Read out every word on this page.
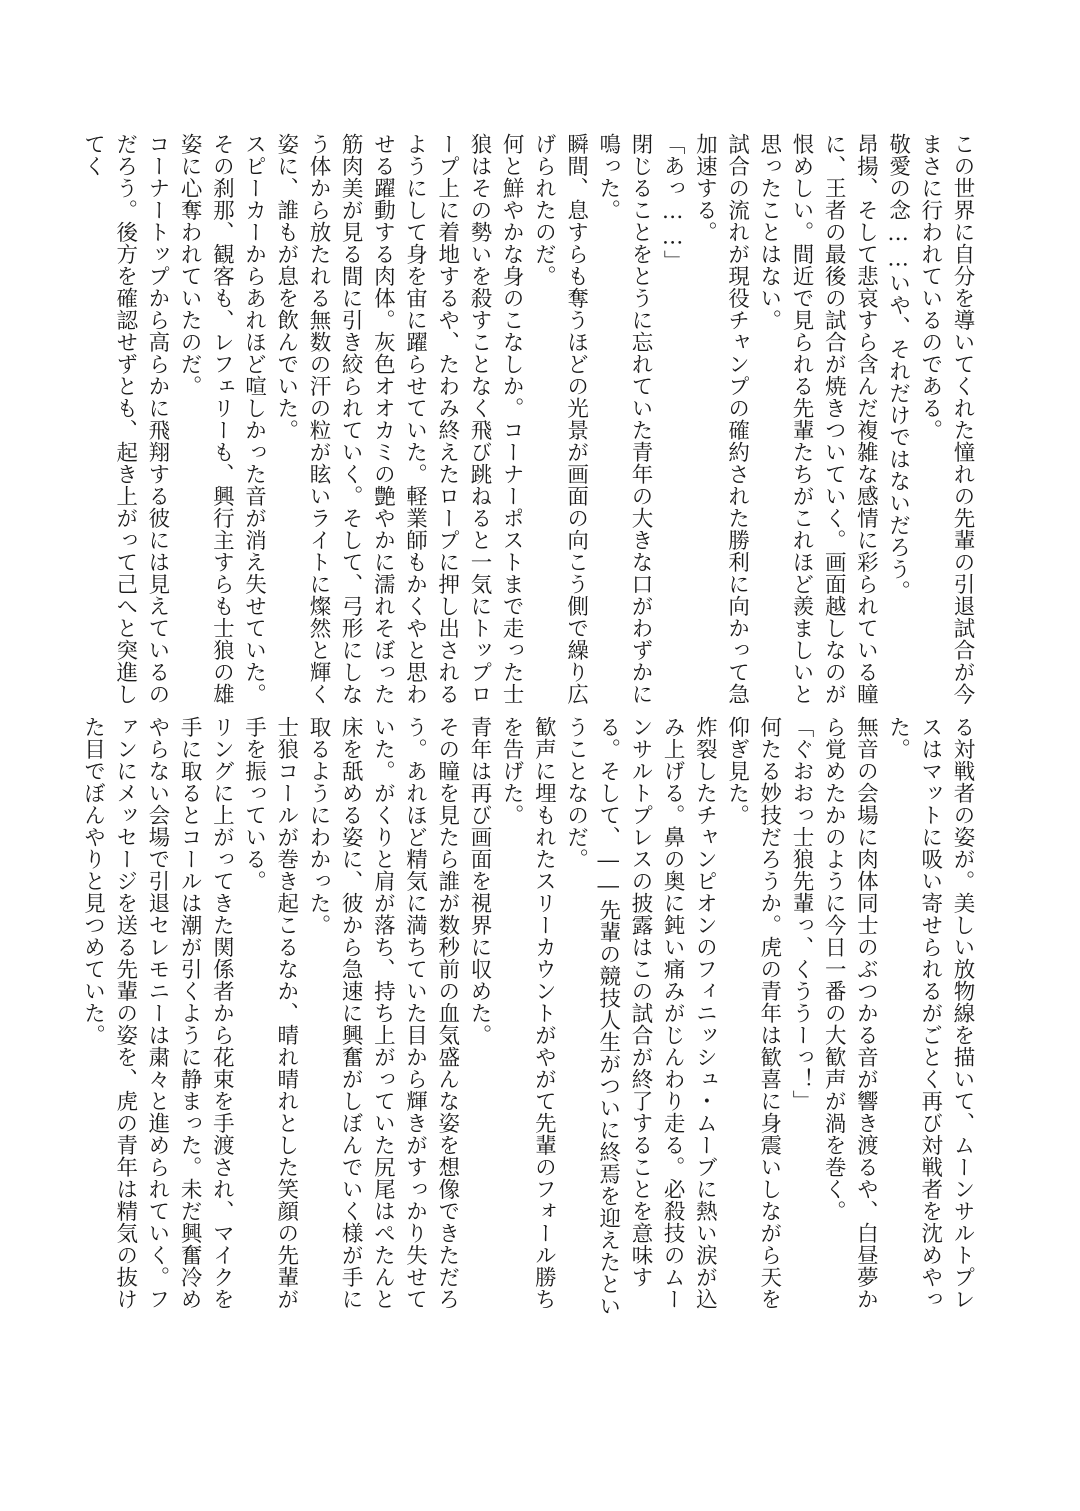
この世界に自分を導いてくれた憧れの先輩の引退試合が今まさに行われているのである。

敬愛の念……いや、それだけではないだろう。

昂揚、そして悲哀すら含んだ複雑な感情に彩られている瞳に、王者の最後の試合が焼きついていく。画面越しなのが恨めしい。間近で見られる先輩たちがこれほど羨ましいと思ったことはない。

試合の流れが現役チャンプの確約された勝利に向かって急加速する。

「あっ……」

閉じることをとうに忘れていた青年の大きな口がわずかに鳴った。

瞬間、息すらも奪うほどの光景が画面の向こう側で繰り広げられたのだ。

何と鮮やかな身のこなしか。コーナーポストまで走った士狼はその勢いを殺すことなく飛び跳ねると一気にトップロープ上に着地するや、たわみ終えたロープに押し出されるようにして身を宙に躍らせていた。軽業師もかくやと思わせる躍動する肉体。灰色オオカミの艶やかに濡れそぼった筋肉美が見る間に引き絞られていく。そして、弓形にしなう体から放たれる無数の汗の粒が眩いライトに燦然と輝く姿に、誰もが息を飲んでいた。

スピーカーからあれほど喧しかった音が消え失せていた。

その刹那、観客も、レフェリーも、興行主すらも士狼の雄姿に心奪われていたのだ。

コーナートップから高らかに飛翔する彼には見えているのだろう。後方を確認せずとも、起き上がって己へと突進してく

る対戦者の姿が。美しい放物線を描いて、ムーンサルトプレスはマットに吸い寄せられるがごとく再び対戦者を沈めやった。

無音の会場に肉体同士のぶつかる音が響き渡るや、白昼夢から覚めたかのように今日一番の大歓声が渦を巻く。

「ぐおおっ士狼先輩っ、くううーっ！」

何たる妙技だろうか。虎の青年は歓喜に身震いしながら天を仰ぎ見た。

炸裂したチャンピオンのフィニッシュ・ムーブに熱い涙が込み上げる。鼻の奥に鈍い痛みがじんわり走る。必殺技のムーンサルトプレスの披露はこの試合が終了することを意味する。そして、――先輩の競技人生がついに終焉を迎えたということなのだ。

歓声に埋もれたスリーカウントがやがて先輩のフォール勝ちを告げた。

青年は再び画面を視界に収めた。

その瞳を見たら誰が数秒前の血気盛んな姿を想像できただろう。あれほど精気に満ちていた目から輝きがすっかり失せていた。がくりと肩が落ち、持ち上がっていた尻尾はぺたんと床を舐める姿に、彼から急速に興奮がしぼんでいく様が手に取るようにわかった。

士狼コールが巻き起こるなか、晴れ晴れとした笑顔の先輩が手を振っている。

リングに上がってきた関係者から花束を手渡され、マイクを手に取るとコールは潮が引くように静まった。未だ興奮冷めやらない会場で引退セレモニーは粛々と進められていく。ファンにメッセージを送る先輩の姿を、虎の青年は精気の抜けた目でぼんやりと見つめていた。
